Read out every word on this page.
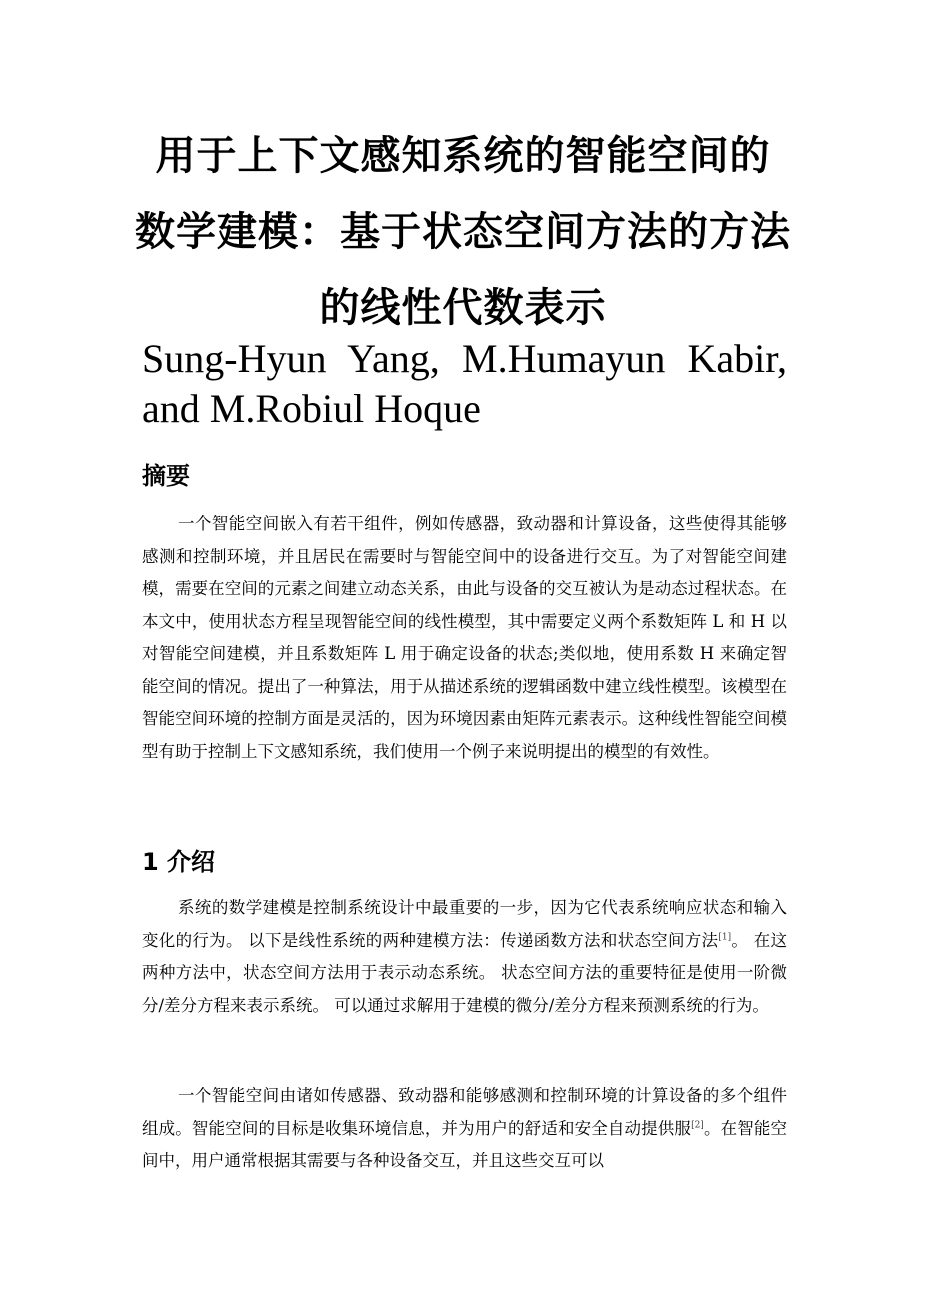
用于上下文感知系统的智能空间的
数学建模：基于状态空间方法的方法
的线性代数表示
Sung-Hyun Yang, M.Humayun Kabir,
and M.Robiul Hoque
摘要

一个智能空间嵌入有若干组件，例如传感器，致动器和计算设备，这些使得其能够感测和控制环境，并且居民在需要时与智能空间中的设备进行交互。为了对智能空间建模，需要在空间的元素之间建立动态关系，由此与设备的交互被认为是动态过程状态。在本文中，使用状态方程呈现智能空间的线性模型，其中需要定义两个系数矩阵 L 和 H 以对智能空间建模，并且系数矩阵 L 用于确定设备的状态;类似地，使用系数 H 来确定智能空间的情况。提出了一种算法，用于从描述系统的逻辑函数中建立线性模型。该模型在智能空间环境的控制方面是灵活的，因为环境因素由矩阵元素表示。这种线性智能空间模型有助于控制上下文感知系统，我们使用一个例子来说明提出的模型的有效性。

1 介绍

系统的数学建模是控制系统设计中最重要的一步，因为它代表系统响应状态和输入变化的行为。 以下是线性系统的两种建模方法：传递函数方法和状态空间方法[1]。 在这两种方法中，状态空间方法用于表示动态系统。 状态空间方法的重要特征是使用一阶微分/差分方程来表示系统。 可以通过求解用于建模的微分/差分方程来预测系统的行为。

一个智能空间由诸如传感器、致动器和能够感测和控制环境的计算设备的多个组件组成。智能空间的目标是收集环境信息，并为用户的舒适和安全自动提供服[2]。在智能空间中，用户通常根据其需要与各种设备交互，并且这些交互可以
